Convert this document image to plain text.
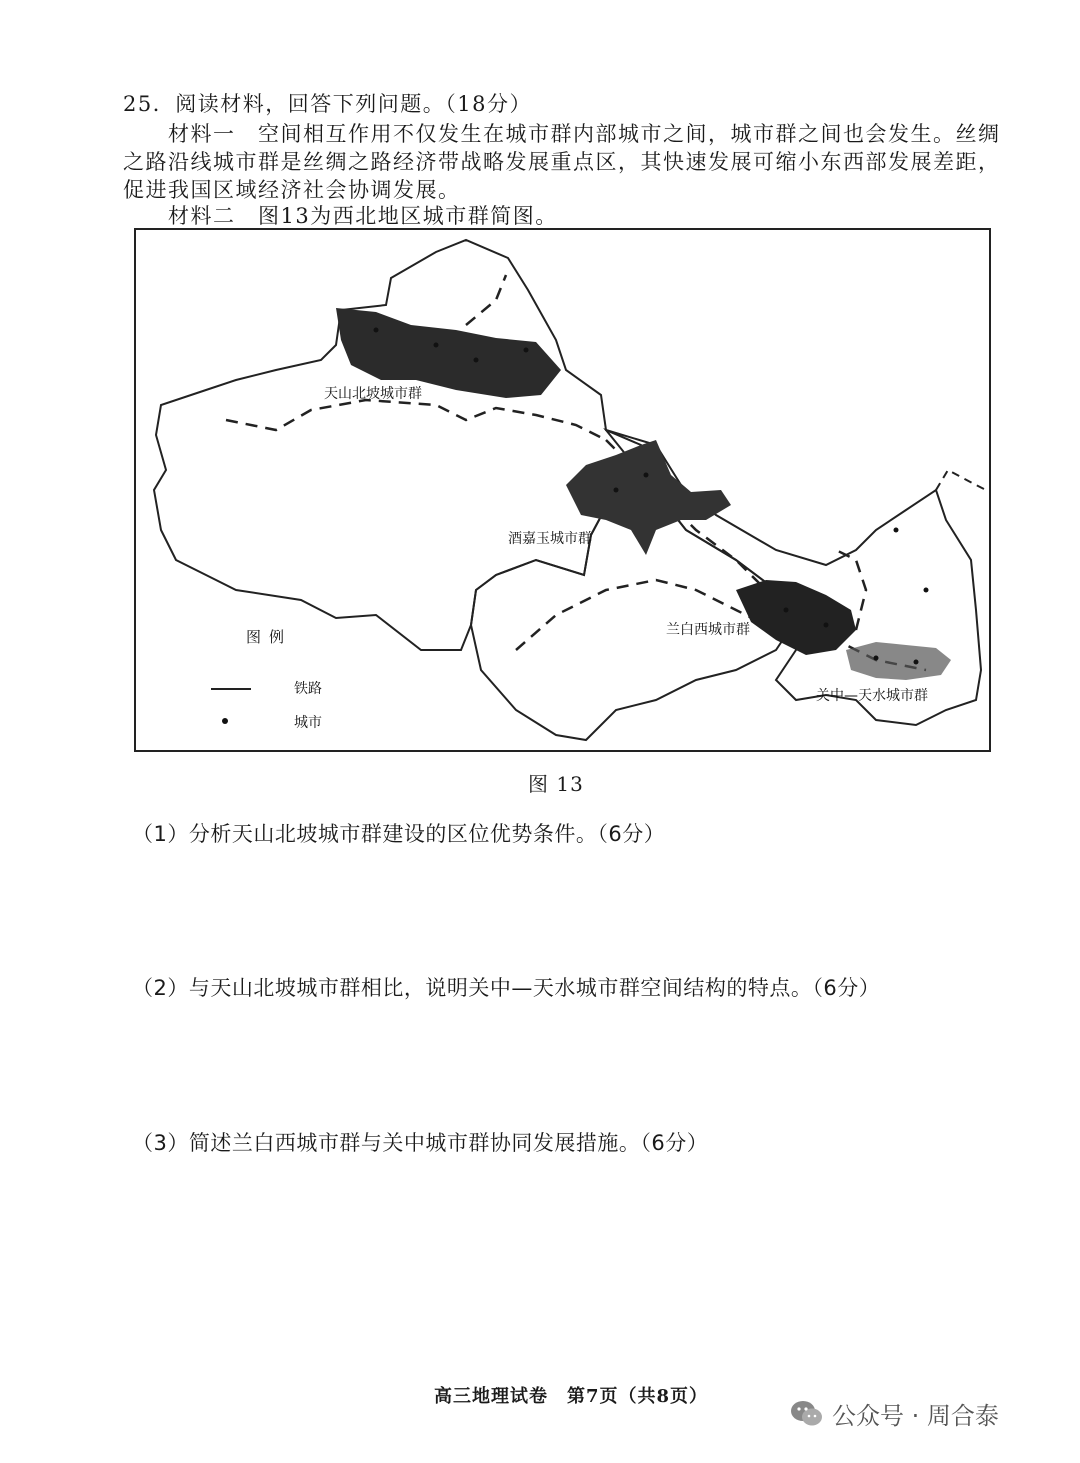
25．阅读材料，回答下列问题。（18分）
材料一　空间相互作用不仅发生在城市群内部城市之间，城市群之间也会发生。丝绸
之路沿线城市群是丝绸之路经济带战略发展重点区，其快速发展可缩小东西部发展差距，
促进我国区域经济社会协调发展。
材料二　图13为西北地区城市群简图。
天山北坡城市群
酒嘉玉城市群
兰白西城市群
关中—天水城市群
图例
铁路
城市
图 13
（1）分析天山北坡城市群建设的区位优势条件。（6分）
（2）与天山北坡城市群相比，说明关中—天水城市群空间结构的特点。（6分）
（3）简述兰白西城市群与关中城市群协同发展措施。（6分）
高三地理试卷　第7页（共8页）
公众号 · 周合泰
